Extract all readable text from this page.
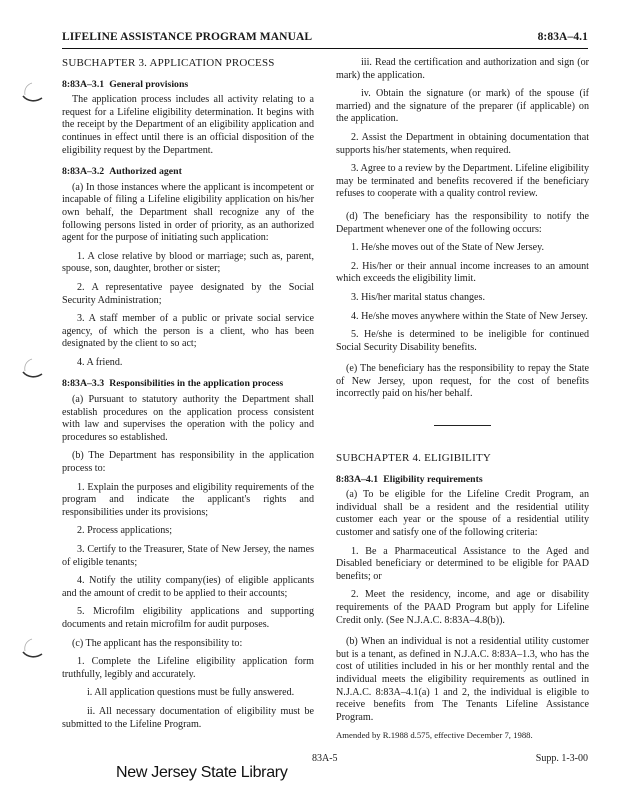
LIFELINE ASSISTANCE PROGRAM MANUAL	8:83A–4.1
SUBCHAPTER 3. APPLICATION PROCESS
8:83A–3.1 General provisions

The application process includes all activity relating to a request for a Lifeline eligibility determination. It begins with the receipt by the Department of an eligibility application and continues in effect until there is an official disposition of the eligibility request by the Department.

8:83A–3.2 Authorized agent

(a) In those instances where the applicant is incompetent or incapable of filing a Lifeline eligibility application on his/her own behalf, the Department shall recognize any of the following persons listed in order of priority, as an authorized agent for the purpose of initiating such application:

1. A close relative by blood or marriage; such as, parent, spouse, son, daughter, brother or sister;

2. A representative payee designated by the Social Security Administration;

3. A staff member of a public or private social service agency, of which the person is a client, who has been designated by the client to so act;

4. A friend.

8:83A–3.3 Responsibilities in the application process

(a) Pursuant to statutory authority the Department shall establish procedures on the application process consistent with law and supervises the operation with the policy and procedures so established.

(b) The Department has responsibility in the application process to:

1. Explain the purposes and eligibility requirements of the program and indicate the applicant's rights and responsibilities under its provisions;

2. Process applications;

3. Certify to the Treasurer, State of New Jersey, the names of eligible tenants;

4. Notify the utility company(ies) of eligible applicants and the amount of credit to be applied to their accounts;

5. Microfilm eligibility applications and supporting documents and retain microfilm for audit purposes.

(c) The applicant has the responsibility to:

1. Complete the Lifeline eligibility application form truthfully, legibly and accurately.

i. All application questions must be fully answered.

ii. All necessary documentation of eligibility must be submitted to the Lifeline Program.

iii. Read the certification and authorization and sign (or mark) the application.

iv. Obtain the signature (or mark) of the spouse (if married) and the signature of the preparer (if applicable) on the application.

2. Assist the Department in obtaining documentation that supports his/her statements, when required.

3. Agree to a review by the Department. Lifeline eligibility may be terminated and benefits recovered if the beneficiary refuses to cooperate with a quality control review.

(d) The beneficiary has the responsibility to notify the Department whenever one of the following occurs:

1. He/she moves out of the State of New Jersey.

2. His/her or their annual income increases to an amount which exceeds the eligibility limit.

3. His/her marital status changes.

4. He/she moves anywhere within the State of New Jersey.

5. He/she is determined to be ineligible for continued Social Security Disability benefits.

(e) The beneficiary has the responsibility to repay the State of New Jersey, upon request, for the cost of benefits incorrectly paid on his/her behalf.

SUBCHAPTER 4. ELIGIBILITY
8:83A–4.1 Eligibility requirements

(a) To be eligible for the Lifeline Credit Program, an individual shall be a resident and the residential utility customer each year or the spouse of a residential utility customer and satisfy one of the following criteria:

1. Be a Pharmaceutical Assistance to the Aged and Disabled beneficiary or determined to be eligible for PAAD benefits; or

2. Meet the residency, income, and age or disability requirements of the PAAD Program but apply for Lifeline Credit only. (See N.J.A.C. 8:83A–4.8(b)).

(b) When an individual is not a residential utility customer but is a tenant, as defined in N.J.A.C. 8:83A–1.3, who has the cost of utilities included in his or her monthly rental and the individual meets the eligibility requirements as outlined in N.J.A.C. 8:83A–4.1(a) 1 and 2, the individual is eligible to receive benefits from The Tenants Lifeline Assistance Program.

Amended by R.1988 d.575, effective December 7, 1988.
New Jersey State Library
83A-5	Supp. 1-3-00
